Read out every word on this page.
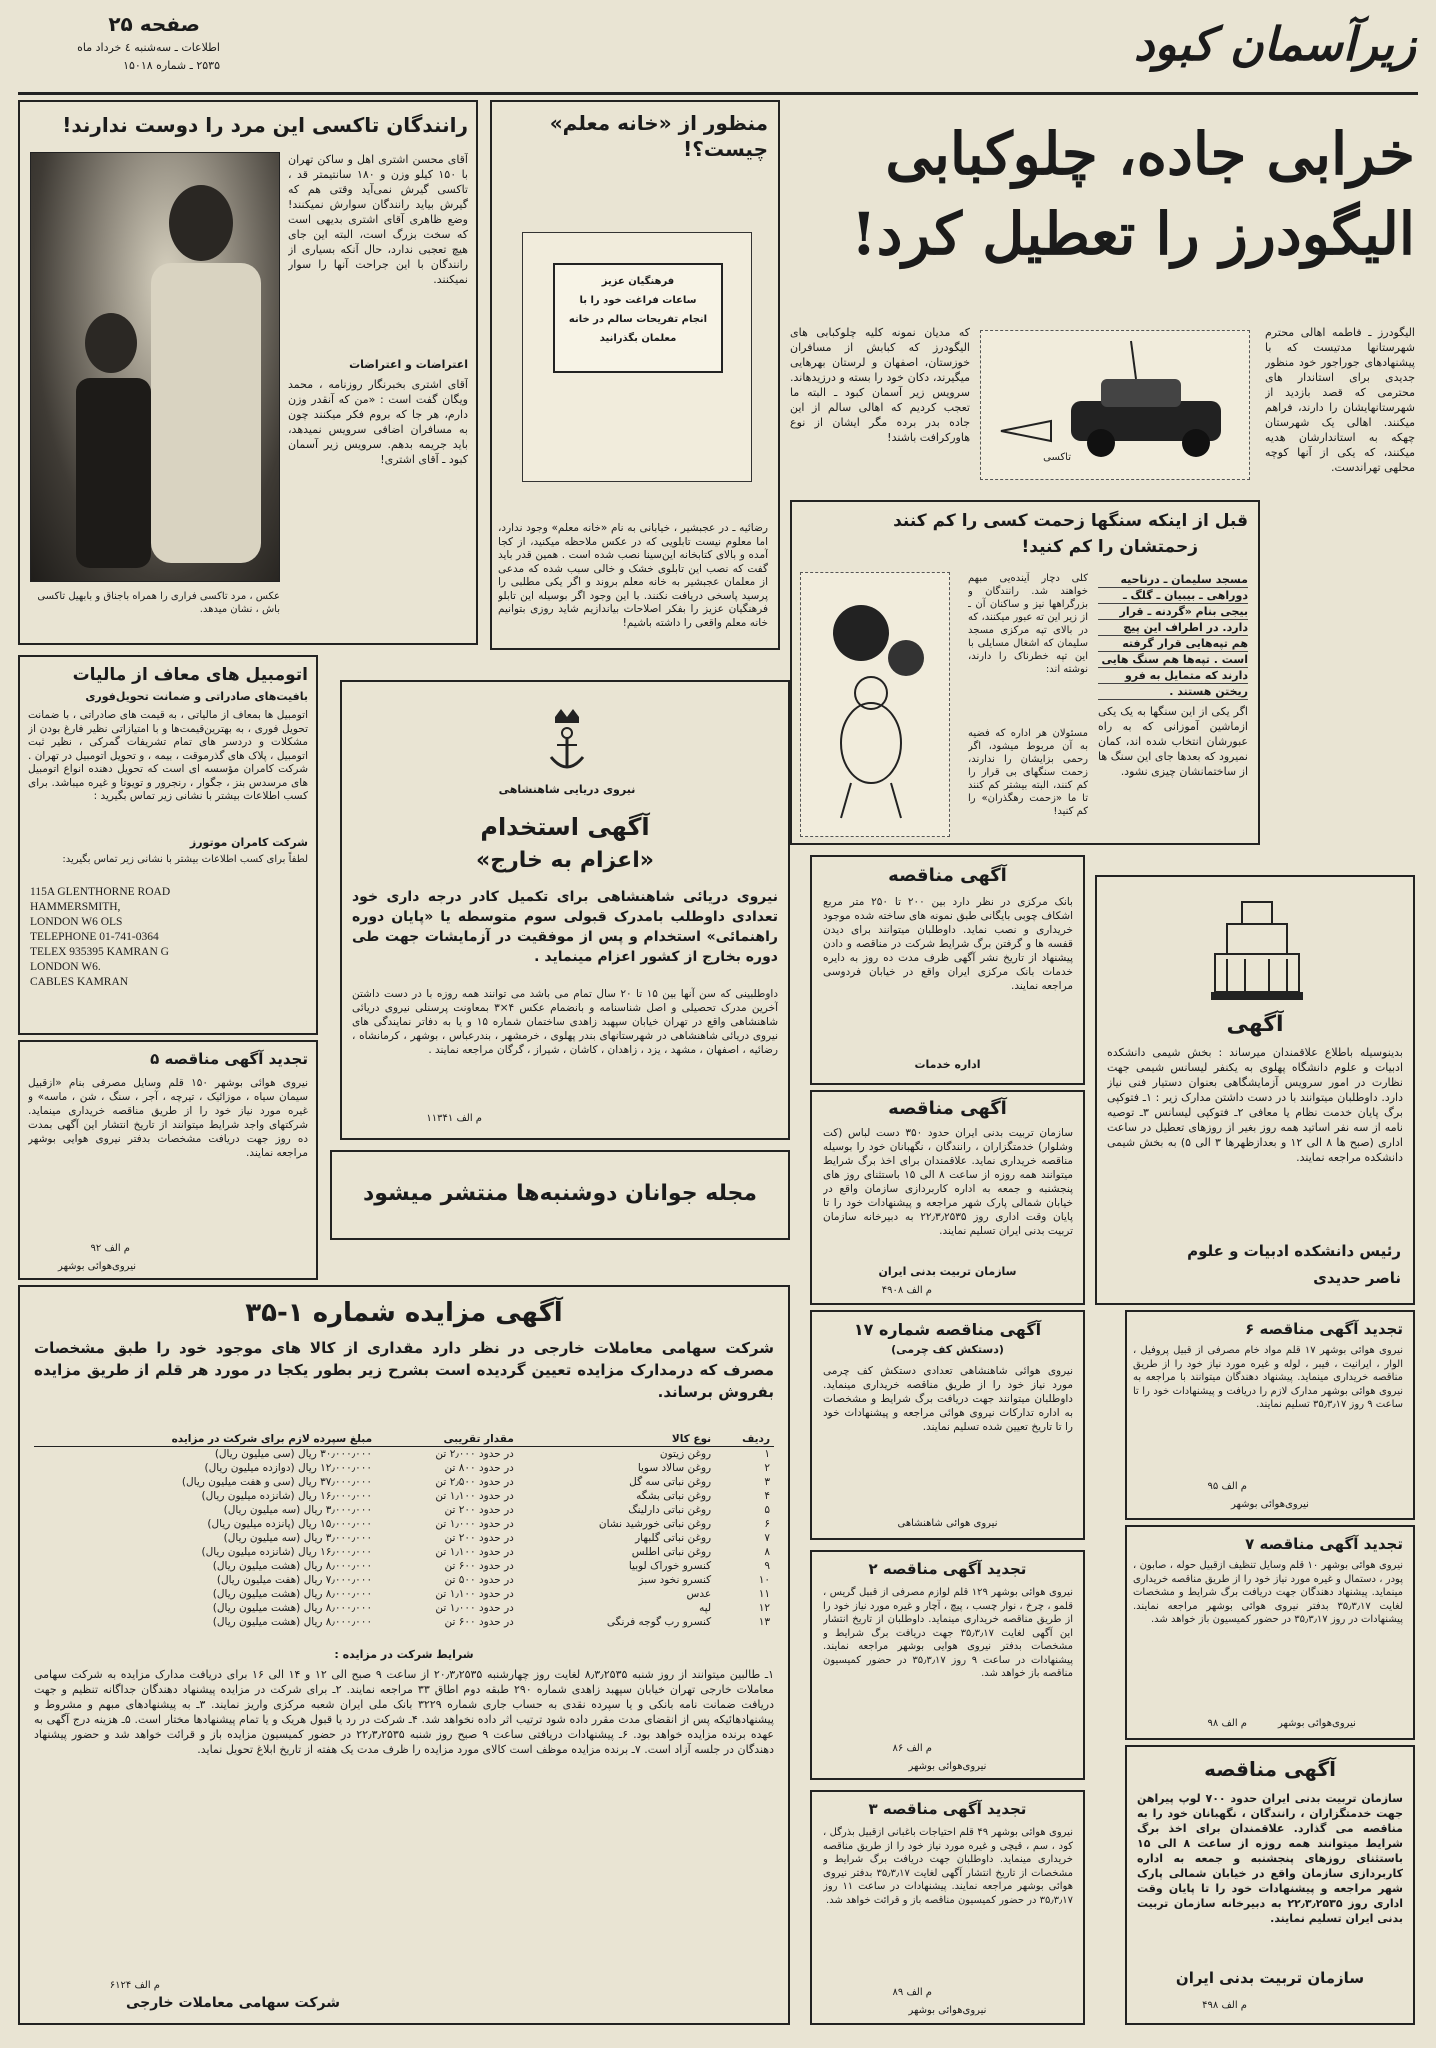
زیرآسمان کبود
صفحه ۲۵
اطلاعات ـ سه‌شنبه ٤ خرداد ماه
۲۵۳۵ ـ شماره ۱۵۰۱۸
خرابی جاده، چلوکبابی
الیگودرز را تعطیل کرد!
الیگودرز ـ فاطمه اهالی محترم شهرستانها مدتیست که با پیشنهادهای جوراجور خود منظور جدیدی برای استاندار های محترمی که قصد بازدید از شهرستانهایشان را دارند، فراهم میکنند. اهالی یک شهرستان چهکه به استاندارشان هدیه میکنند، که یکی از آنها کوچه محلهی تهراندست.
تاکسی
که مدیان نمونه کلیه چلوکبابی های الیگودرز که کبابش از مسافران خوزستان، اصفهان و لرستان بهرهایی میگیرند، دکان خود را بسته و درزیدهاند. سرویس زیر آسمان کبود ـ البته ما تعجب کردیم که اهالی سالم از این جاده بدر برده مگر ایشان از نوع هاورکرافت باشند!
قبل از اینکه سنگها زحمت کسی را کم کنند
زحمتشان را کم کنید!
مسجد سلیمان ـ درناحیه
دوراهی ـ بیبیان ـ گلگ ـ
بیجی بنام «گردنه ـ قرار
دارد. در اطراف این پیچ
هم تپه‌هایی قرار گرفته
است . تپه‌ها هم سنگ هایی
دارند که متمایل به فرو
ریختن هستند .
اگر یکی از این سنگها به یک یکی ازماشین آموزانی که به راه عبورشان انتخاب شده اند، کمان نمیرود که بعدها جای این سنگ ها از ساختمانشان چیزی نشود.
کلی دچار آینده‌یی مبهم خواهند شد. رانندگان و بزرگراهها نیز و ساکنان آن ـ از زیر این ته عبور میکنند، که در بالای تپه مرکزی مسجد سلیمان که اشغال مسایلی با این تپه خطرناک را دارند، نوشته اند:
مسئولان هر اداره که فضیه به آن مربوط میشود، اگر رحمی بزایشان را ندارند، زحمت سنگهای بی قرار را کم کنند، البته بیشتر کم کنند تا ما «زحمت رهگذران» را کم کنید!
رانندگان تاکسی این مرد را دوست ندارند!
آقای محسن اشتری اهل و ساکن تهران با ۱۵۰ کیلو وزن و ۱۸۰ سانتیمتر قد ، تاکسی گیرش نمی‌آید وقتی هم که گیرش بیاید رانندگان سوارش نمیکنند! وضع ظاهری آقای اشتری بدیهی است که سخت بزرگ است، البته این جای هیچ تعجبی ندارد، حال آنکه بسیاری از رانندگان با این جراحت آنها را سوار نمیکنند.
اعتراضات و اعتراضات
آقای اشتری بخبرنگار روزنامه ، محمد ویگان گفت است : «من که آنقدر وزن دارم، هر جا که بروم فکر میکنند چون به مسافران اضافی سرویس نمیدهد، باید جریمه بدهم. سرویس زیر آسمان کبود ـ آقای اشتری!
عکس ، مرد تاکسی فراری را همراه باجناق و بابهیل تاکسی باش ، نشان میدهد.
منظور از «خانه معلم» چیست؟!
فرهنگیان عزیز
ساعات فراغت خود را با
انجام تفریحات سالم در خانه
معلمان بگذرانید
رضائیه ـ در عجبشیر ، خیابانی به نام «خانه معلم» وجود ندارد، اما معلوم نیست تابلویی که در عکس ملاحظه میکنید، از کجا آمده و بالای کتابخانه این‌سینا نصب شده است . همین قدر باید گفت که نصب این تابلوی خشک و خالی سبب شده که مدعی از معلمان عجبشیر به خانه معلم بروند و اگر یکی مطلبی را پرسید پاسخی دریافت نکنند. با این وجود اگر بوسیله این تابلو فرهنگیان عزیز را بفکر اصلاحات بیاندازیم شاید روزی بتوانیم خانه معلم واقعی را داشته باشیم!
اتومبیل های معاف از مالیات
بافیت‌های صادراتی و ضمانت تحویل‌فوری
اتومبیل ها بمعاف از مالیاتی ، به قیمت های صادراتی ، با ضمانت تحویل فوری ، به بهترین‌قیمت‌ها و با امتیازاتی نظیر فارغ بودن از مشکلات و دردسر های تمام تشریفات گمرکی ، نظیر ثبت اتومبیل ، پلاک های گذرموقت ، بیمه ، و تحویل اتومبیل در تهران . شرکت کامران مؤسسه ای است که تحویل دهنده انواع اتومبیل های مرسدس بنز ، جگوار ، رنجرور و تویوتا و غیره میباشد. برای کسب اطلاعات بیشتر با نشانی زیر تماس بگیرید :
شرکت کامران موتورز
لطفاً برای کسب اطلاعات بیشتر با نشانی زیر تماس بگیرید:
115A GLENTHORNE ROAD
HAMMERSMITH,
LONDON W6 OLS
TELEPHONE 01-741-0364
TELEX 935395 KAMRAN G
LONDON W6.
CABLES KAMRAN
نیروی دریایی شاهنشاهی
آگهی استخدام
«اعزام به خارج»
نیروی دریائی شاهنشاهی برای تکمیل کادر درجه داری خود تعدادی داوطلب بامدرک قبولی سوم متوسطه یا «پایان دوره راهنمائی» استخدام و پس از موفقیت در آزمایشات جهت طی دوره بخارج از کشور اعزام مینماید .
داوطلبینی که سن آنها بین ۱۵ تا ۲۰ سال تمام می باشد می توانند همه روزه با در دست داشتن آخرین مدرک تحصیلی و اصل شناسنامه و بانضمام عکس ۴×۳ بمعاونت پرسنلی نیروی دریائی شاهنشاهی واقع در تهران خیابان سپهبد زاهدی ساختمان شماره ۱۵ و یا به دفاتر نمایندگی های نیروی دریائی شاهنشاهی در شهرستانهای بندر پهلوی ، خرمشهر ، بندرعباس ، بوشهر ، کرمانشاه ، رضائیه ، اصفهان ، مشهد ، یزد ، زاهدان ، کاشان ، شیراز ، گرگان مراجعه نمایند .
م الف ۱۱۳۴۱
تجدید آگهی مناقصه ۵
نیروی هوائی بوشهر ۱۵۰ قلم وسایل مصرفی بنام «ازقبیل سیمان سیاه ، موزائیک ، تیرچه ، آجر ، سنگ ، شن ، ماسه» و غیره مورد نیاز خود را از طریق مناقصه خریداری مینماید. شرکتهای واجد شرایط میتوانند از تاریخ انتشار این آگهی بمدت ده روز جهت دریافت مشخصات بدفتر نیروی هوایی بوشهر مراجعه نمایند.
م الف ۹۲
نیروی‌هوائی بوشهر
مجله جوانان دوشنبه‌ها منتشر میشود
آگهی مزایده شماره ۱-۳۵
شرکت سهامی معاملات خارجی در نظر دارد مقداری از کالا های موجود خود را طبق مشخصات مصرف که درمدارک مزایده تعیین گردیده است بشرح زیر بطور یکجا در مورد هر قلم از طریق مزایده بفروش برساند.
ردیف	نوع کالا	مقدار تقریبی	مبلغ سپرده لازم برای شرکت در مزایده
۱	روغن زیتون	در حدود ۲٫۰۰۰ تن	۳۰٫۰۰۰٫۰۰۰ ریال (سی میلیون ریال)
۲	روغن سالاد سویا	در حدود ۸۰۰ تن	۱۲٫۰۰۰٫۰۰۰ ریال (دوازده میلیون ریال)
۳	روغن نباتی سه گل	در حدود ۲٫۵۰۰ تن	۳۷٫۰۰۰٫۰۰۰ ریال (سی و هفت میلیون ریال)
۴	روغن نباتی بشگه	در حدود ۱٫۱۰۰ تن	۱۶٫۰۰۰٫۰۰۰ ریال (شانزده میلیون ریال)
۵	روغن نباتی دارلینگ	در حدود ۲۰۰ تن	۳٫۰۰۰٫۰۰۰ ریال (سه میلیون ریال)
۶	روغن نباتی خورشید نشان	در حدود ۱٫۰۰۰ تن	۱۵٫۰۰۰٫۰۰۰ ریال (پانزده میلیون ریال)
۷	روغن نباتی گلبهار	در حدود ۲۰۰ تن	۳٫۰۰۰٫۰۰۰ ریال (سه میلیون ریال)
۸	روغن نباتی اطلس	در حدود ۱٫۱۰۰ تن	۱۶٫۰۰۰٫۰۰۰ ریال (شانزده میلیون ریال)
۹	کنسرو خوراک لوبیا	در حدود ۶۰۰ تن	۸٫۰۰۰٫۰۰۰ ریال (هشت میلیون ریال)
۱۰	کنسرو نخود سبز	در حدود ۵۰۰ تن	۷٫۰۰۰٫۰۰۰ ریال (هفت میلیون ریال)
۱۱	عدس	در حدود ۱٫۱۰۰ تن	۸٫۰۰۰٫۰۰۰ ریال (هشت میلیون ریال)
۱۲	لپه	در حدود ۱٫۰۰۰ تن	۸٫۰۰۰٫۰۰۰ ریال (هشت میلیون ریال)
۱۳	کنسرو رب گوجه فرنگی	در حدود ۶۰۰ تن	۸٫۰۰۰٫۰۰۰ ریال (هشت میلیون ریال)
شرایط شرکت در مزایده :
۱ـ طالبین میتوانند از روز شنبه ۸٫۳٫۲۵۳۵ لغایت روز چهارشنبه ۲۰٫۳٫۲۵۳۵ از ساعت ۹ صبح الی ۱۲ و ۱۴ الی ۱۶ برای دریافت مدارک مزایده به شرکت سهامی معاملات خارجی تهران خیابان سپهبد زاهدی شماره ۲۹۰ طبقه دوم اطاق ۳۳ مراجعه نمایند. ۲ـ برای شرکت در مزایده پیشنهاد دهندگان جداگانه تنظیم و جهت دریافت ضمانت نامه بانکی و یا سپرده نقدی به حساب جاری شماره ۳۲۲۹ بانک ملی ایران شعبه مرکزی واریز نمایند. ۳ـ به پیشنهادهای مبهم و مشروط و پیشنهادهائیکه پس از انقضای مدت مقرر داده شود ترتیب اثر داده نخواهد شد. ۴ـ شرکت در رد یا قبول هریک و یا تمام پیشنهادها مختار است. ۵ـ هزینه درج آگهی به عهده برنده مزایده خواهد بود. ۶ـ پیشنهادات دریافتی ساعت ۹ صبح روز شنبه ۲۲٫۳٫۲۵۳۵ در حضور کمیسیون مزایده باز و قرائت خواهد شد و حضور پیشنهاد دهندگان در جلسه آزاد است. ۷ـ برنده مزایده موظف است کالای مورد مزایده را ظرف مدت یک هفته از تاریخ ابلاغ تحویل نماید.
م الف ۶۱۲۴
شرکت سهامی معاملات خارجی
آگهی مناقصه
بانک مرکزی در نظر دارد بین ۲۰۰ تا ۲۵۰ متر مربع اشکاف چوبی بایگانی طبق نمونه های ساخته شده موجود خریداری و نصب نماید. داوطلبان میتوانند برای دیدن قفسه ها و گرفتن برگ شرایط شرکت در مناقصه و دادن پیشنهاد از تاریخ نشر آگهی ظرف مدت ده روز به دایره خدمات بانک مرکزی ایران واقع در خیابان فردوسی مراجعه نمایند.
اداره خدمات
آگهی مناقصه
سازمان تربیت بدنی ایران حدود ۳۵۰ دست لباس (کت وشلوار) خدمتگزاران ، رانندگان ، نگهبانان خود را بوسیله مناقصه خریداری نماید. علاقمندان برای اخذ برگ شرایط میتوانند همه روزه از ساعت ۸ الی ۱۵ باستثنای روز های پنجشنبه و جمعه به اداره کاربردازی سازمان واقع در خیابان شمالی پارک شهر مراجعه و پیشنهادات خود را تا پایان وقت اداری روز ۲۲٫۳٫۲۵۳۵ به دبیرخانه سازمان تربیت بدنی ایران تسلیم نمایند.
سازمان تربیت بدنی ایران
م الف ۴۹۰۸
آگهی مناقصه شماره ۱۷
(دستکش کف چرمی)
نیروی هوائی شاهنشاهی تعدادی دستکش کف چرمی مورد نیاز خود را از طریق مناقصه خریداری مینماید. داوطلبان میتوانند جهت دریافت برگ شرایط و مشخصات به اداره تدارکات نیروی هوائی مراجعه و پیشنهادات خود را تا تاریخ تعیین شده تسلیم نمایند.
نیروی هوائی شاهنشاهی
تجدید آگهی مناقصه ۲
نیروی هوائی بوشهر ۱۲۹ قلم لوازم مصرفی از قبیل گریس ، قلمو ، چرخ ، نوار چسب ، پیچ ، آچار و غیره مورد نیاز خود را از طریق مناقصه خریداری مینماید. داوطلبان از تاریخ انتشار این آگهی لغایت ۳۵٫۳٫۱۷ جهت دریافت برگ شرایط و مشخصات بدفتر نیروی هوایی بوشهر مراجعه نمایند. پیشنهادات در ساعت ۹ روز ۳۵٫۳٫۱۷ در حضور کمیسیون مناقصه باز خواهد شد.
م الف ۸۶
نیروی‌هوائی بوشهر
تجدید آگهی مناقصه ۳
نیروی هوائی بوشهر ۴۹ قلم احتیاجات باغبانی ازقبیل بذرگل ، کود ، سم ، قیچی و غیره مورد نیاز خود را از طریق مناقصه خریداری مینماید. داوطلبان جهت دریافت برگ شرایط و مشخصات از تاریخ انتشار آگهی لغایت ۳۵٫۳٫۱۷ بدفتر نیروی هوائی بوشهر مراجعه نمایند. پیشنهادات در ساعت ۱۱ روز ۳۵٫۳٫۱۷ در حضور کمیسیون مناقصه باز و قرائت خواهد شد.
م الف ۸۹
نیروی‌هوائی بوشهر
آگهی
بدینوسیله باطلاع علاقمندان میرساند : بخش شیمی دانشکده ادبیات و علوم دانشگاه پهلوی به یکنفر لیسانس شیمی جهت نظارت در امور سرویس آزمایشگاهی بعنوان دستیار فنی نیاز دارد. داوطلبان میتوانند با در دست داشتن مدارک زیر : ۱ـ فتوکپی برگ پایان خدمت نظام یا معافی ۲ـ فتوکپی لیسانس ۳ـ توصیه نامه از سه نفر اساتید همه روز بغیر از روزهای تعطیل در ساعت اداری (صبح ها ۸ الی ۱۲ و بعدازظهرها ۳ الی ۵) به بخش شیمی دانشکده مراجعه نمایند.
رئیس دانشکده ادبیات و علوم
ناصر حدیدی
تجدید آگهی مناقصه ۶
نیروی هوائی بوشهر ۱۷ قلم مواد خام مصرفی از قبیل پروفیل ، الوار ، ایرانیت ، فیبر ، لوله و غیره مورد نیاز خود را از طریق مناقصه خریداری مینماید. پیشنهاد دهندگان میتوانند با مراجعه به نیروی هوائی بوشهر مدارک لازم را دریافت و پیشنهادات خود را تا ساعت ۹ روز ۳۵٫۳٫۱۷ تسلیم نمایند.
م الف ۹۵
نیروی‌هوائی بوشهر
تجدید آگهی مناقصه ۷
نیروی هوائی بوشهر ۱۰ قلم وسایل تنظیف ازقبیل حوله ، صابون ، پودر ، دستمال و غیره مورد نیاز خود را از طریق مناقصه خریداری مینماید. پیشنهاد دهندگان جهت دریافت برگ شرایط و مشخصات لغایت ۳۵٫۳٫۱۷ بدفتر نیروی هوائی بوشهر مراجعه نمایند. پیشنهادات در روز ۳۵٫۳٫۱۷ در حضور کمیسیون باز خواهد شد.
م الف ۹۸	نیروی‌هوائی بوشهر
آگهی مناقصه
سازمان تربیت بدنی ایران حدود ۷۰۰ لوپ پیراهن جهت خدمتگزاران ، رانندگان ، نگهبانان خود را به مناقصه می گذارد. علاقمندان برای اخذ برگ شرایط میتوانند همه روزه از ساعت ۸ الی ۱۵ باستثنای روزهای پنجشنبه و جمعه به اداره کاربردازی سازمان واقع در خیابان شمالی پارک شهر مراجعه و پیشنهادات خود را تا پایان وقت اداری روز ۲۲٫۳٫۲۵۳۵ به دبیرخانه سازمان تربیت بدنی ایران تسلیم نمایند.
سازمان تربیت بدنی ایران
م الف ۴۹۸
